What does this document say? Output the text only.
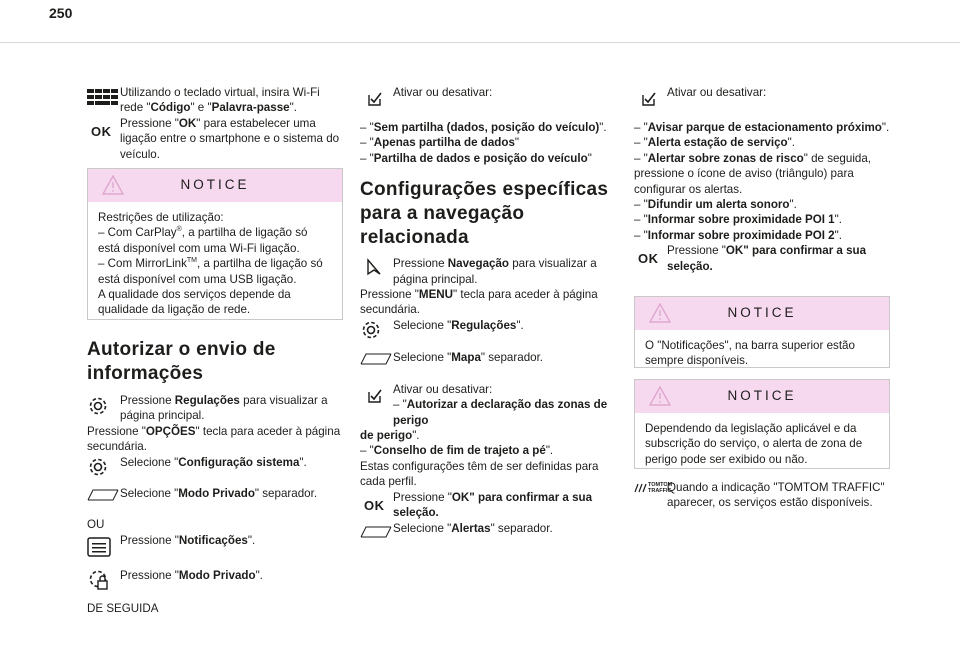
250
Utilizando o teclado virtual, insira Wi-Fi rede "Código" e "Palavra-passe".
OK
Pressione "OK" para estabelecer uma ligação entre o smartphone e o sistema do veículo.
NOTICE
Restrições de utilização:
– Com CarPlay®, a partilha de ligação só está disponível com uma Wi-Fi ligação.
– Com MirrorLink™, a partilha de ligação só está disponível com uma USB ligação.
A qualidade dos serviços depende da qualidade da ligação de rede.
Autorizar o envio de informações
Pressione Regulações para visualizar a página principal.
Pressione "OPÇÕES" tecla para aceder à página secundária.
Selecione "Configuração sistema".
Selecione "Modo Privado" separador.
OU
Pressione "Notificações".
Pressione "Modo Privado".
DE SEGUIDA
Ativar ou desativar:
– "Sem partilha (dados, posição do veículo)".
– "Apenas partilha de dados"
– "Partilha de dados e posição do veículo"
Configurações específicas para a navegação relacionada
Pressione Navegação para visualizar a página principal.
Pressione "MENU" tecla para aceder à página secundária.
Selecione "Regulações".
Selecione "Mapa" separador.
Ativar ou desativar:
– "Autorizar a declaração das zonas de perigo
de perigo".
– "Conselho de fim de trajeto a pé".
Estas configurações têm de ser definidas para cada perfil.
OK
Pressione "OK" para confirmar a sua seleção.
Selecione "Alertas" separador.
Ativar ou desativar:
– "Avisar parque de estacionamento próximo".
– "Alerta estação de serviço".
– "Alertar sobre zonas de risco" de seguida, pressione o ícone de aviso (triângulo) para configurar os alertas.
– "Difundir um alerta sonoro".
– "Informar sobre proximidade POI 1".
– "Informar sobre proximidade POI 2".
OK
Pressione "OK" para confirmar a sua seleção.
NOTICE
O "Notificações", na barra superior estão sempre disponíveis.
NOTICE
Dependendo da legislação aplicável e da subscrição do serviço, o alerta de zona de perigo pode ser exibido ou não.
TOMTOM
TRAFFIC
Quando a indicação "TOMTOM TRAFFIC" aparecer, os serviços estão disponíveis.
